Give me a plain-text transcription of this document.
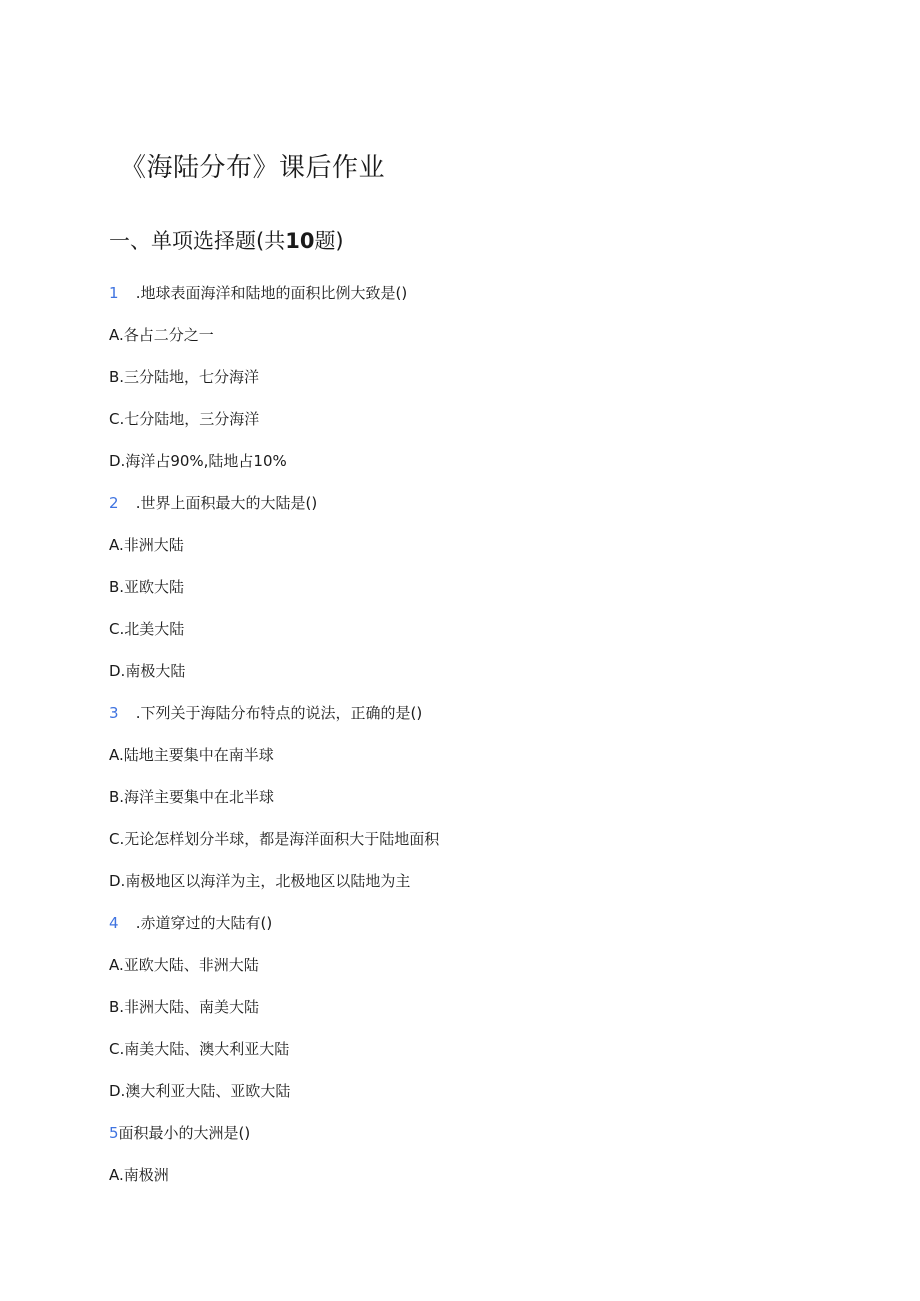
《海陆分布》课后作业
一、单项选择题(共10题)
1 .地球表面海洋和陆地的面积比例大致是()
A.各占二分之一
B.三分陆地，七分海洋
C.七分陆地，三分海洋
D.海洋占90%,陆地占10%
2 .世界上面积最大的大陆是()
A.非洲大陆
B.亚欧大陆
C.北美大陆
D.南极大陆
3 .下列关于海陆分布特点的说法，正确的是()
A.陆地主要集中在南半球
B.海洋主要集中在北半球
C.无论怎样划分半球，都是海洋面积大于陆地面积
D.南极地区以海洋为主，北极地区以陆地为主
4 .赤道穿过的大陆有()
A.亚欧大陆、非洲大陆
B.非洲大陆、南美大陆
C.南美大陆、澳大利亚大陆
D.澳大利亚大陆、亚欧大陆
5面积最小的大洲是()
A.南极洲
